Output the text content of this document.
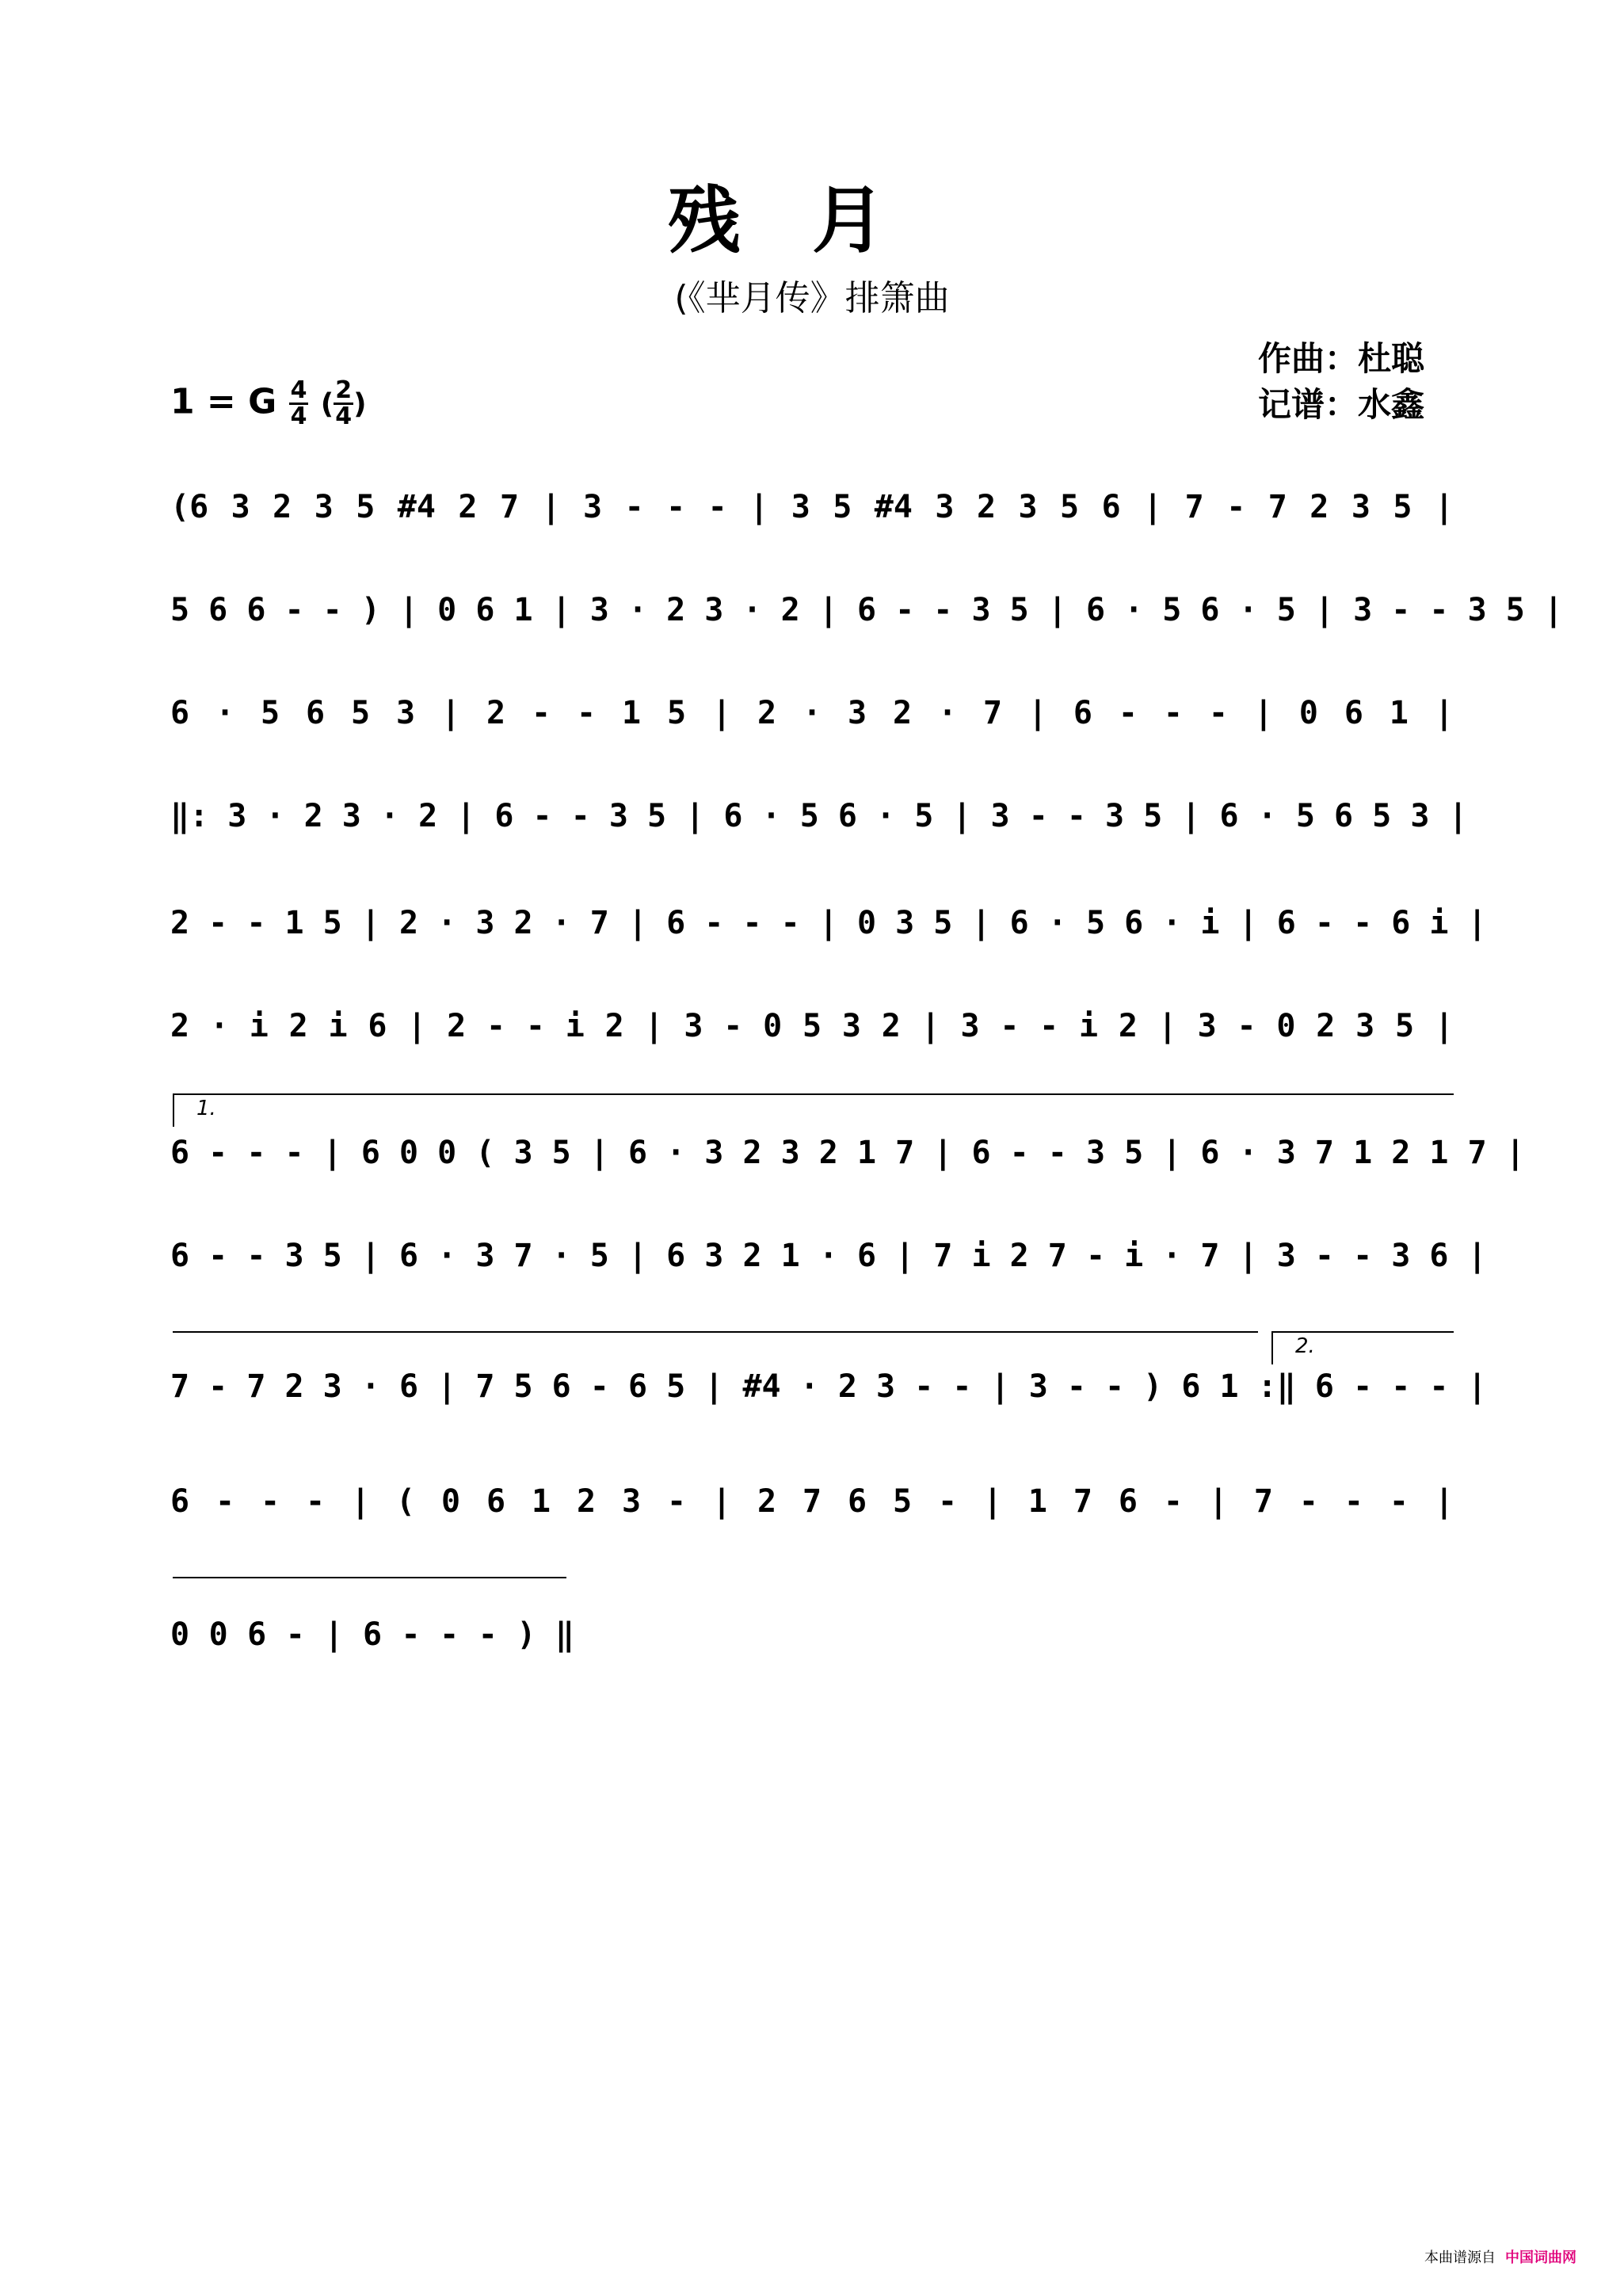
残月
(《芈月传》排箫曲
作曲：杜聪
记谱：水鑫
1 = G $\frac{4}{4}$ ( $\frac{2}{4}$ )
(6 3 2 3 5 #4 2 7 | 3 - - - | 3 5 #4 3 2 3 5 6 | 7 - 7 2 3 5 |
5 6 6 - - ) | 0 6 1 | 3 · 2 3 · 2 | 6 - - 3 5 | 6 · 5 6 · 5 | 3 - - 3 5 |
6 · 5 6 5 3 | 2 - - 1 5 | 2 · 3 2 · 7 | 6 - - - | 0 6 1 |
‖: 3 · 2 3 · 2 | 6 - - 3 5 | 6 · 5 6 · 5 | 3 - - 3 5 | 6 · 5 6 5 3 |
2 - - 1 5 | 2 · 3 2 · 7 | 6 - - - | 0 3 5 | 6 · 5 6 · i | 6 - - 6 i |
2 · i 2 i 6 | 2 - - i 2 | 3 - 0 5 3 2 | 3 - - i 2 | 3 - 0 2 3 5 |
1.
6 - - - | 6 0 0 ( 3 5 | 6 · 3 2 3 2 1 7 | 6 - - 3 5 | 6 · 3 7 1 2 1 7 |
6 - - 3 5 | 6 · 3 7 · 5 | 6 3 2 1 · 6 | 7 i 2 7 - i · 7 | 3 - - 3 6 |
2.
7 - 7 2 3 · 6 | 7 5 6 - 6 5 | #4 · 2 3 - - | 3 - - ) 6 1 :‖ 6 - - - |
6 - - - | ( 0 6 1 2 3 - | 2 7 6 5 - | 1 7 6 - | 7 - - - |
0 0 6 - | 6 - - - ) ‖
本曲谱源自 中国词曲网
